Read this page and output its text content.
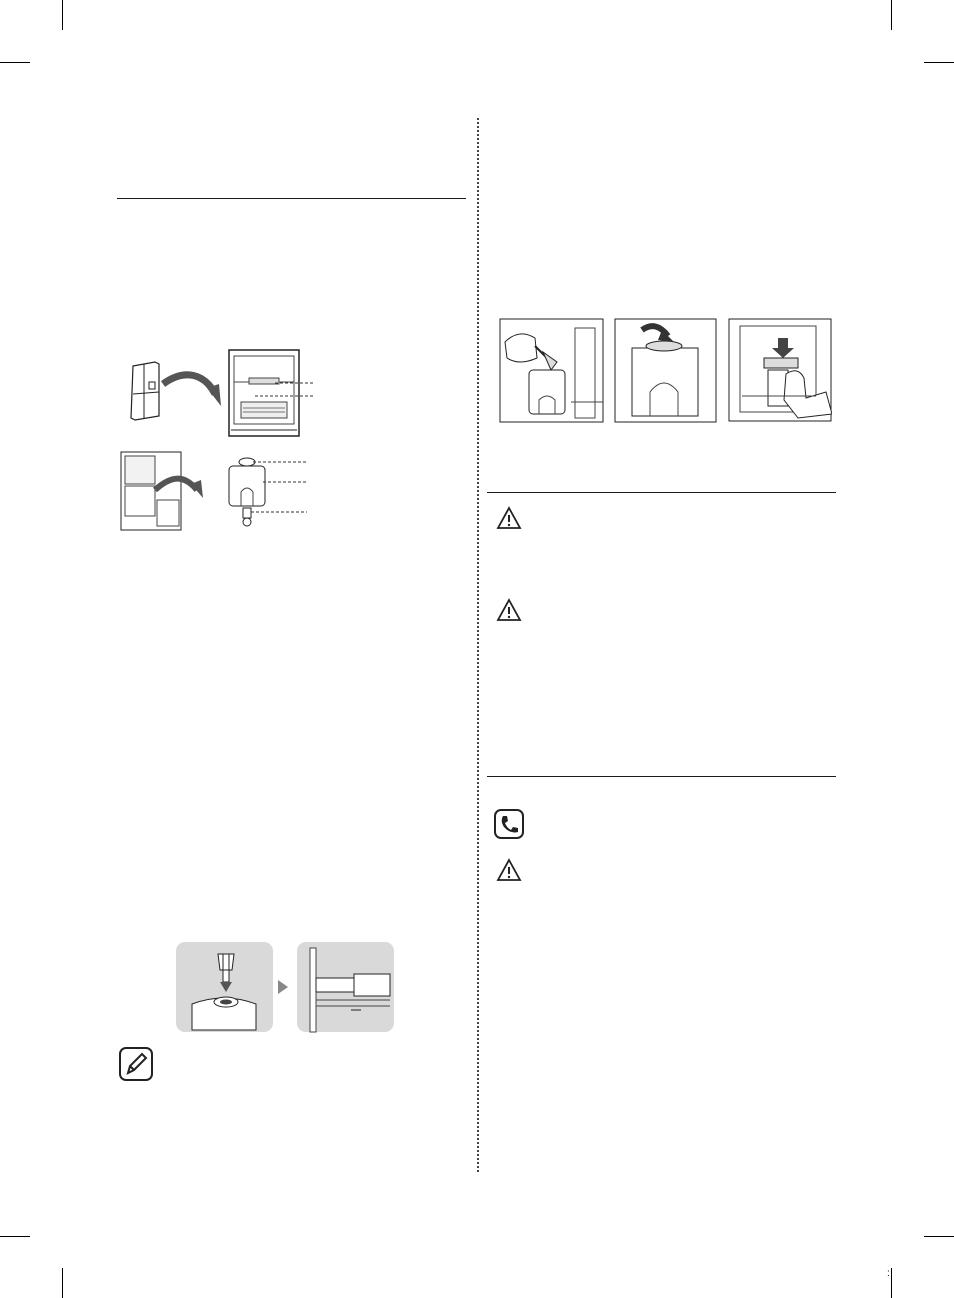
:
